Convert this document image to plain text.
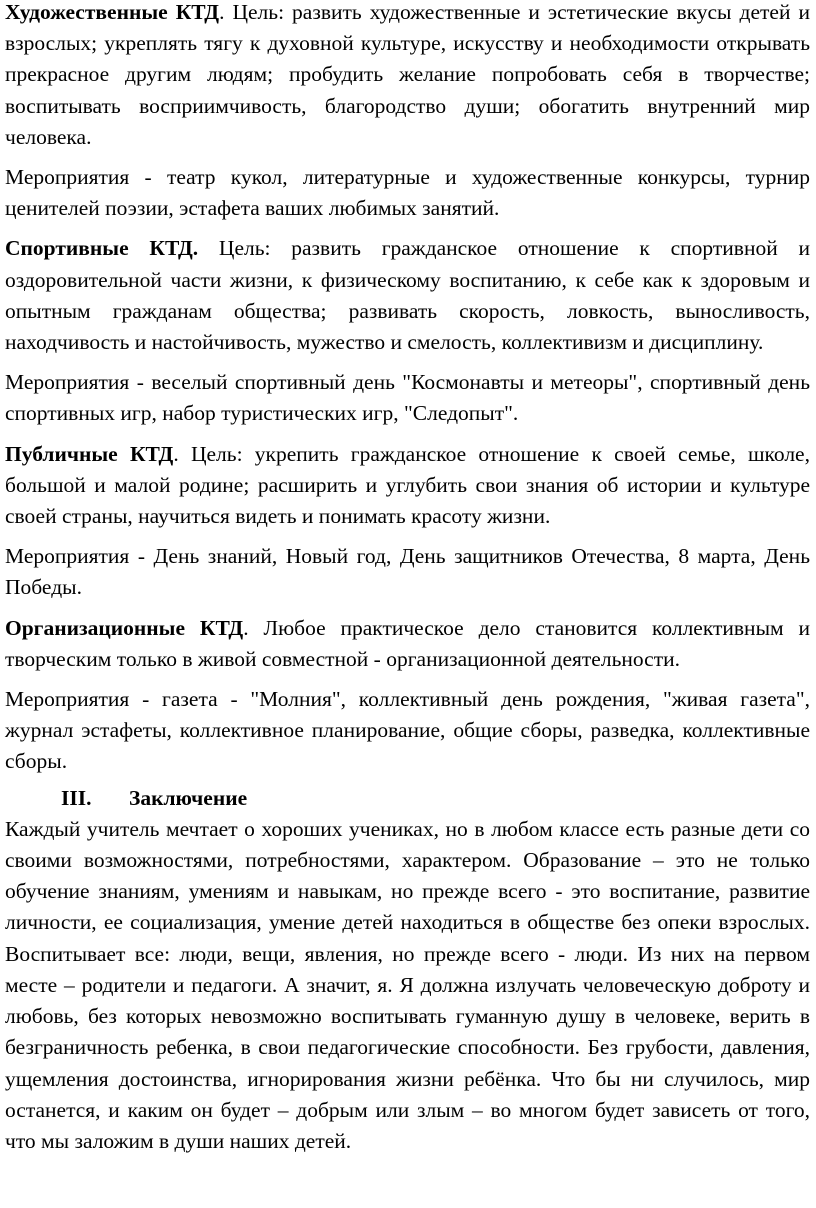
Художественные КТД. Цель: развить художественные и эстетические вкусы детей и взрослых; укреплять тягу к духовной культуре, искусству и необходимости открывать прекрасное другим людям; пробудить желание попробовать себя в творчестве; воспитывать восприимчивость, благородство души; обогатить внутренний мир человека.

Мероприятия - театр кукол, литературные и художественные конкурсы, турнир ценителей поэзии, эстафета ваших любимых занятий.

Спортивные КТД. Цель: развить гражданское отношение к спортивной и оздоровительной части жизни, к физическому воспитанию, к себе как к здоровым и опытным гражданам общества; развивать скорость, ловкость, выносливость, находчивость и настойчивость, мужество и смелость, коллективизм и дисциплину.

Мероприятия - веселый спортивный день "Космонавты и метеоры", спортивный день спортивных игр, набор туристических игр, "Следопыт".

Публичные КТД. Цель: укрепить гражданское отношение к своей семье, школе, большой и малой родине; расширить и углубить свои знания об истории и культуре своей страны, научиться видеть и понимать красоту жизни.

Мероприятия - День знаний, Новый год, День защитников Отечества, 8 марта, День Победы.

Организационные КТД. Любое практическое дело становится коллективным и творческим только в живой совместной - организационной деятельности.

Мероприятия - газета - "Молния", коллективный день рождения, "живая газета", журнал эстафеты, коллективное планирование, общие сборы, разведка, коллективные сборы.

III. Заключение

Каждый учитель мечтает о хороших учениках, но в любом классе есть разные дети со своими возможностями, потребностями, характером. Образование – это не только обучение знаниям, умениям и навыкам, но прежде всего - это воспитание, развитие личности, ее социализация, умение детей находиться в обществе без опеки взрослых. Воспитывает все: люди, вещи, явления, но прежде всего - люди. Из них на первом месте – родители и педагоги. А значит, я. Я должна излучать человеческую доброту и любовь, без которых невозможно воспитывать гуманную душу в человеке, верить в безграничность ребенка, в свои педагогические способности. Без грубости, давления, ущемления достоинства, игнорирования жизни ребёнка. Что бы ни случилось, мир останется, и каким он будет – добрым или злым – во многом будет зависеть от того, что мы заложим в души наших детей.
